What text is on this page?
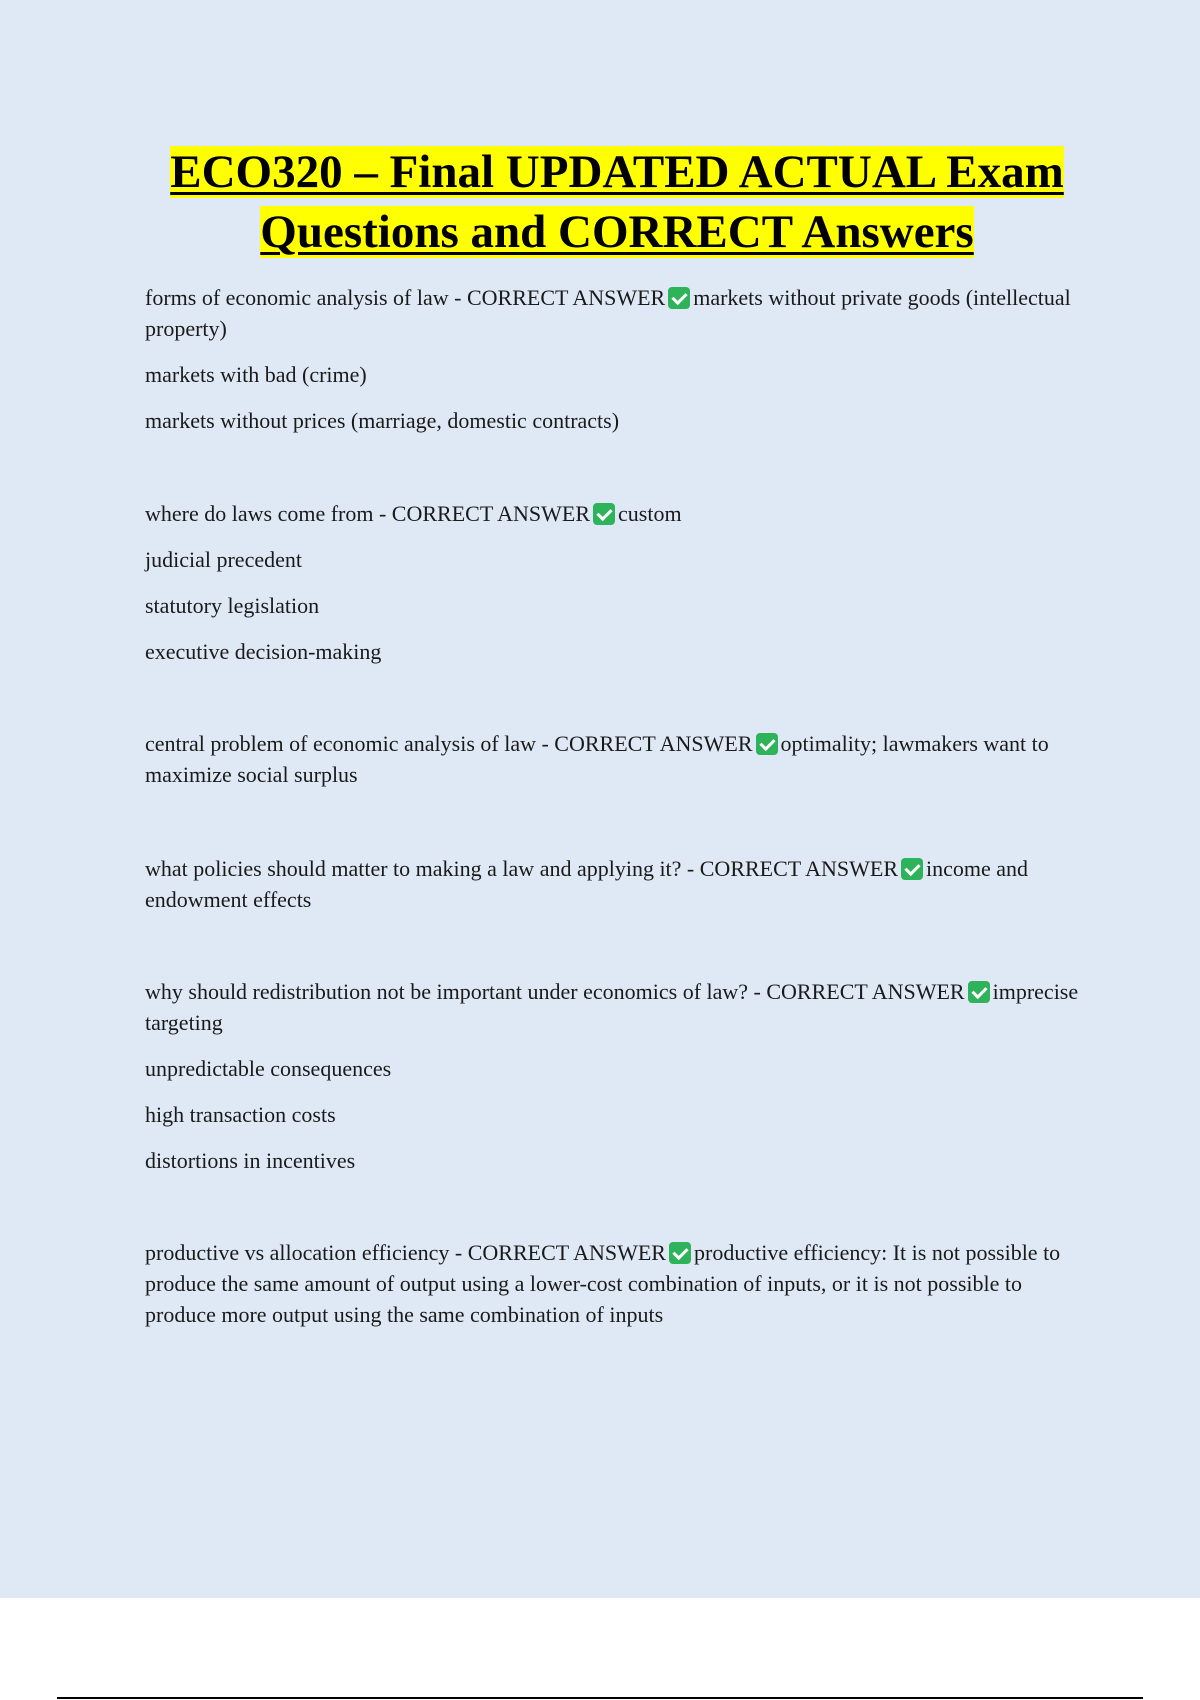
ECO320 – Final UPDATED ACTUAL Exam
Questions and CORRECT Answers
forms of economic analysis of law - CORRECT ANSWER markets without private goods (intellectual property)
markets with bad (crime)
markets without prices (marriage, domestic contracts)
where do laws come from - CORRECT ANSWER custom
judicial precedent
statutory legislation
executive decision-making
central problem of economic analysis of law - CORRECT ANSWER optimality; lawmakers want to maximize social surplus
what policies should matter to making a law and applying it? - CORRECT ANSWER income and endowment effects
why should redistribution not be important under economics of law? - CORRECT ANSWER imprecise targeting
unpredictable consequences
high transaction costs
distortions in incentives
productive vs allocation efficiency - CORRECT ANSWER productive efficiency: It is not possible to produce the same amount of output using a lower-cost combination of inputs, or it is not possible to produce more output using the same combination of inputs
